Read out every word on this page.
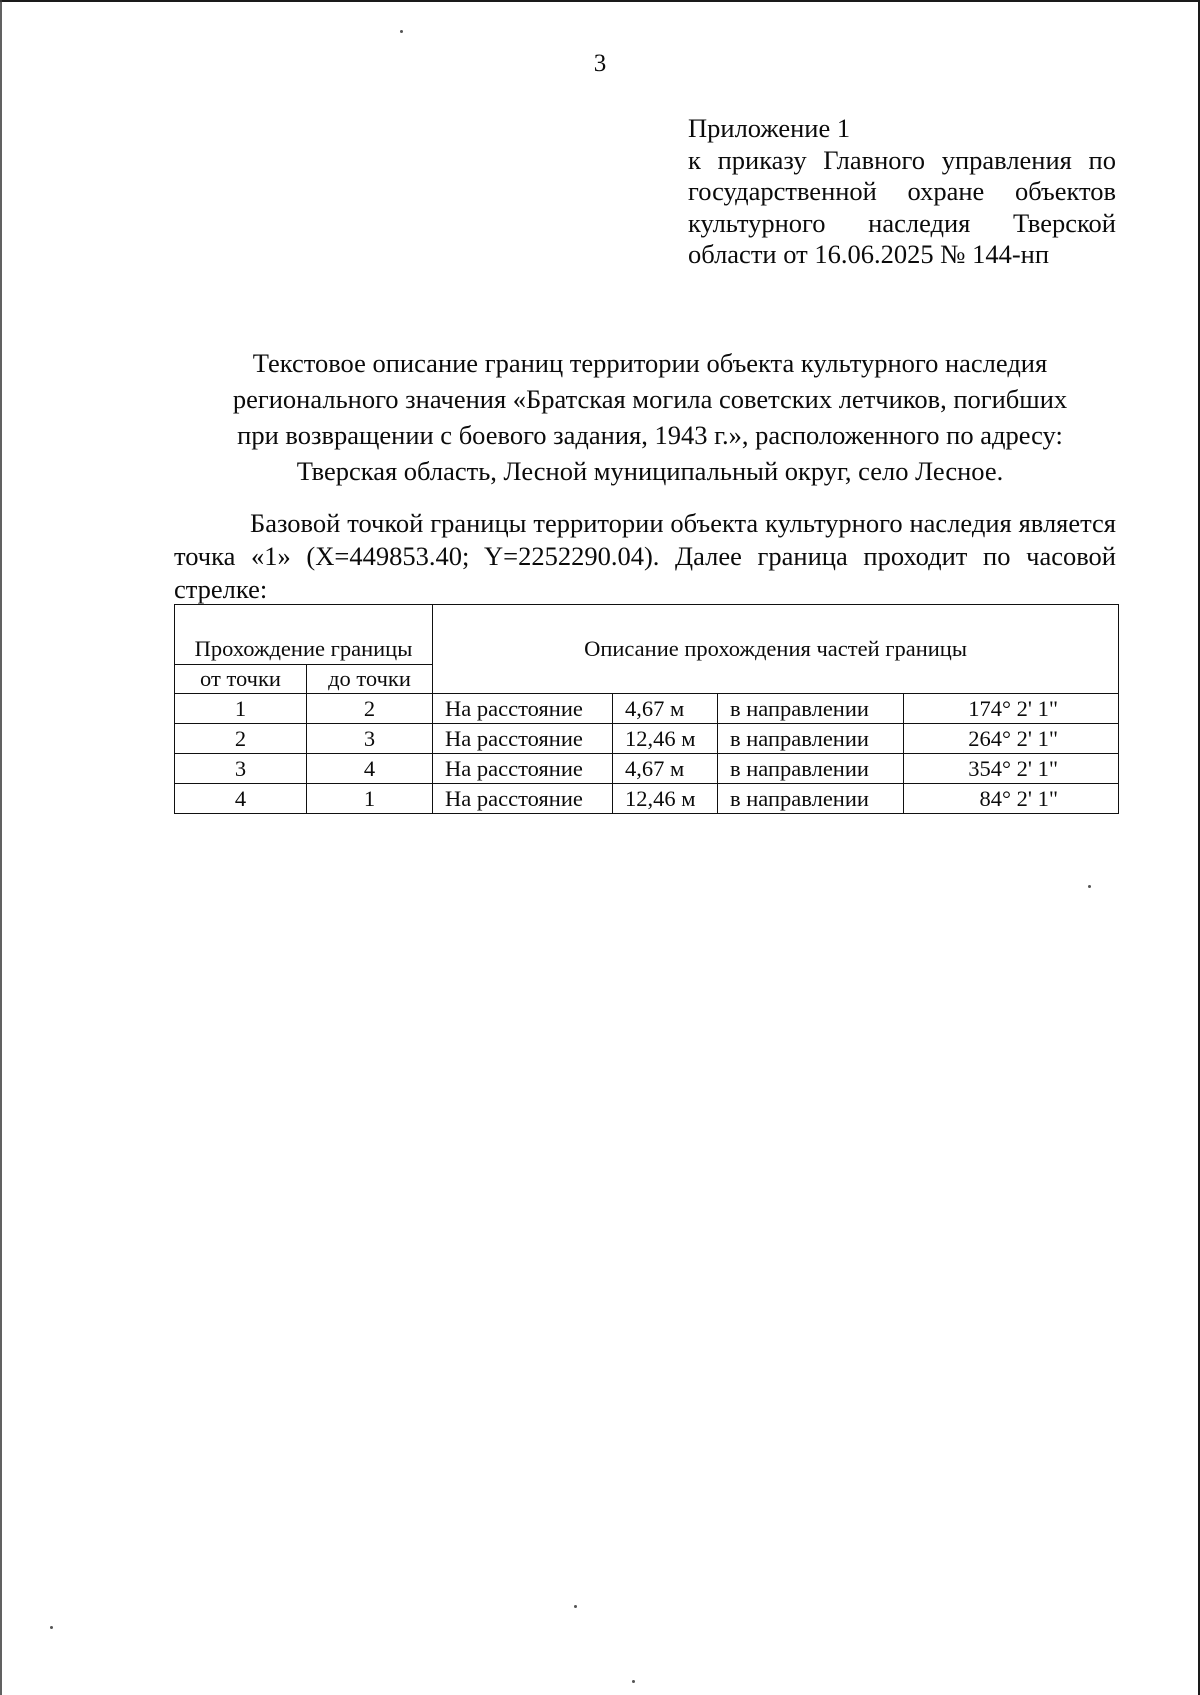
3
Приложение 1
к приказу Главного управления по государственной охране объектов культурного наследия Тверской области от 16.06.2025 № 144-нп
Текстовое описание границ территории объекта культурного наследия
регионального значения «Братская могила советских летчиков, погибших
при возвращении с боевого задания, 1943 г.», расположенного по адресу:
Тверская область, Лесной муниципальный округ, село Лесное.
Базовой точкой границы территории объекта культурного наследия является точка «1» (X=449853.40; Y=2252290.04). Далее граница проходит по часовой стрелке:
Прохождение границы		Описание прохождения частей границы			
от точки	до точки				
1	2	На расстояние	4,67 м	в направлении	174° 2' 1"
2	3	На расстояние	12,46 м	в направлении	264° 2' 1"
3	4	На расстояние	4,67 м	в направлении	354° 2' 1"
4	1	На расстояние	12,46 м	в направлении	84° 2' 1"
